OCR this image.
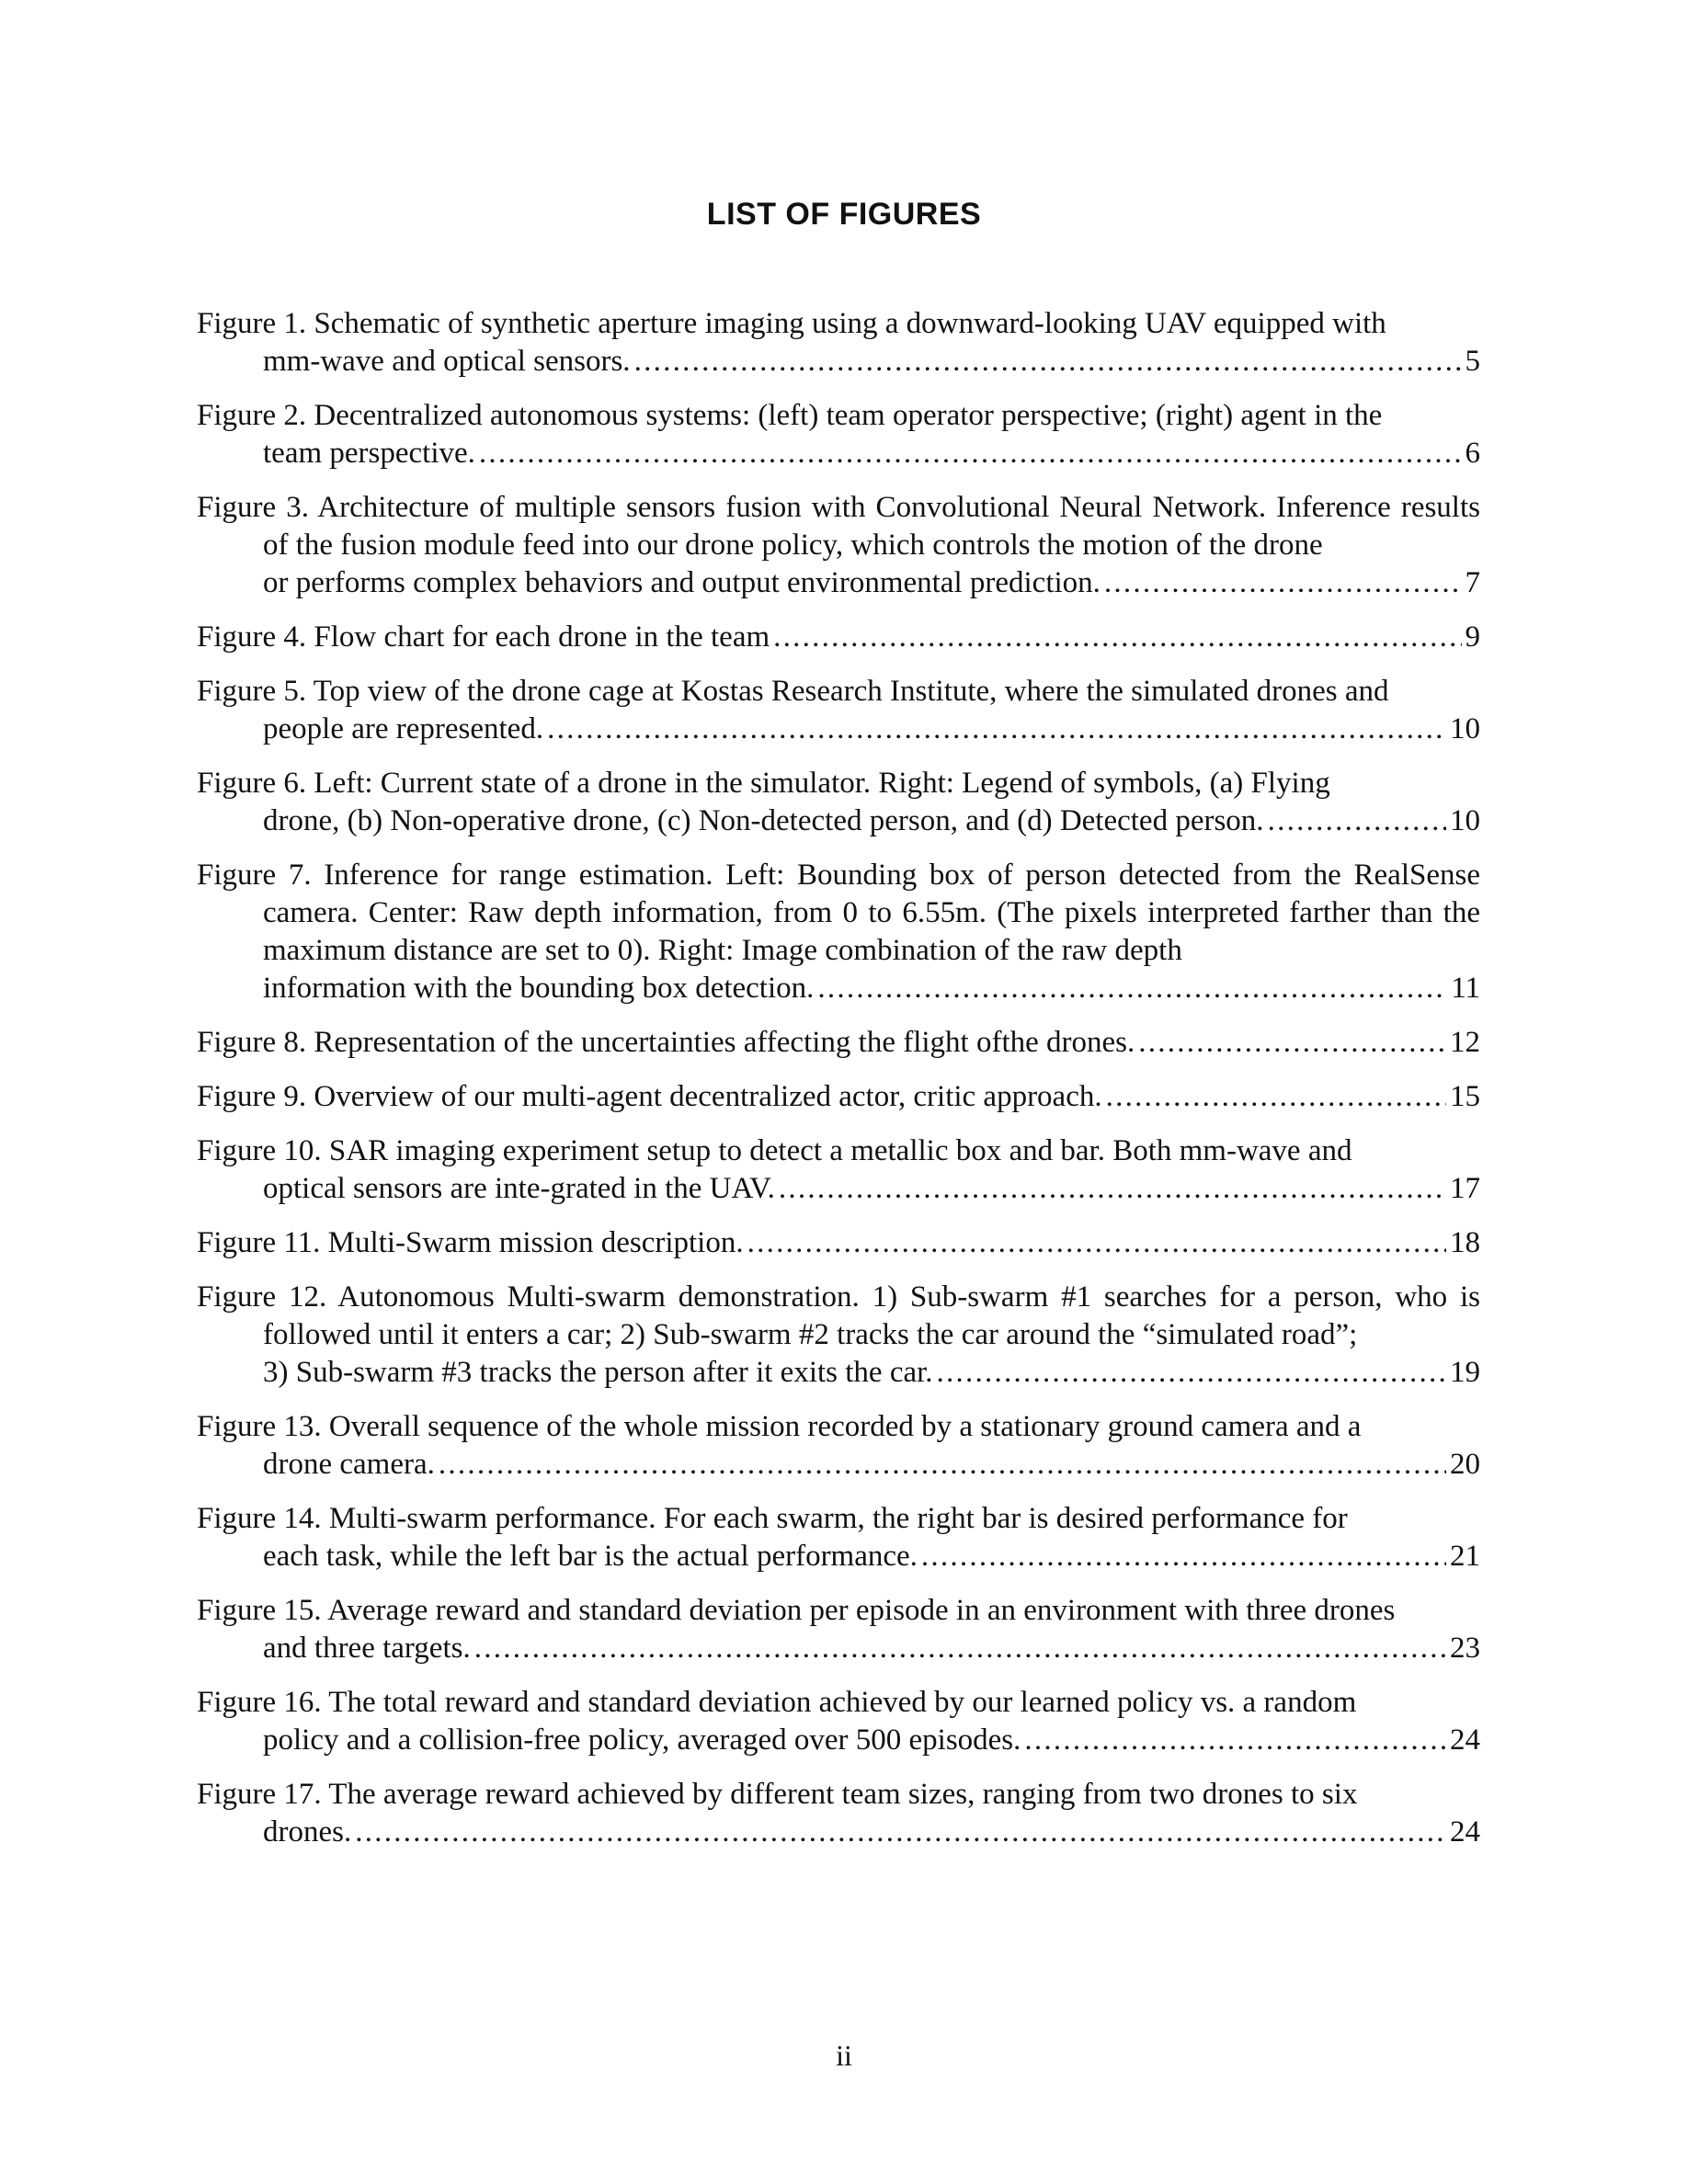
LIST OF FIGURES
Figure 1. Schematic of synthetic aperture imaging using a downward-looking UAV equipped with
mm-wave and optical sensors. . . .	5
Figure 2. Decentralized autonomous systems: (left) team operator perspective; (right) agent in the
team perspective. . . .	6
Figure 3. Architecture of multiple sensors fusion with Convolutional Neural Network. Inference results of the fusion module feed into our drone policy, which controls the motion of the drone
or performs complex behaviors and output environmental prediction. . . .	7
Figure 4. Flow chart for each drone in the team . . .	9
Figure 5. Top view of the drone cage at Kostas Research Institute, where the simulated drones and
people are represented. . . .	10
Figure 6. Left: Current state of a drone in the simulator. Right: Legend of symbols, (a) Flying
drone, (b) Non-operative drone, (c) Non-detected person, and (d) Detected person. . . .	10
Figure 7. Inference for range estimation. Left: Bounding box of person detected from the RealSense camera. Center: Raw depth information, from 0 to 6.55m. (The pixels interpreted farther than the maximum distance are set to 0). Right: Image combination of the raw depth
information with the bounding box detection. . . .	11
Figure 8. Representation of the uncertainties affecting the flight ofthe drones. . . .	12
Figure 9. Overview of our multi-agent decentralized actor, critic approach. . . .	15
Figure 10. SAR imaging experiment setup to detect a metallic box and bar. Both mm-wave and
optical sensors are inte-grated in the UAV. . . .	17
Figure 11. Multi-Swarm mission description. . . .	18
Figure 12. Autonomous Multi-swarm demonstration. 1) Sub-swarm #1 searches for a person, who is followed until it enters a car; 2) Sub-swarm #2 tracks the car around the “simulated road”;
3) Sub-swarm #3 tracks the person after it exits the car. . . .	19
Figure 13. Overall sequence of the whole mission recorded by a stationary ground camera and a
drone camera. . . .	20
Figure 14. Multi-swarm performance. For each swarm, the right bar is desired performance for
each task, while the left bar is the actual performance. . . .	21
Figure 15. Average reward and standard deviation per episode in an environment with three drones
and three targets. . . .	23
Figure 16. The total reward and standard deviation achieved by our learned policy vs. a random
policy and a collision-free policy, averaged over 500 episodes. . . .	24
Figure 17. The average reward achieved by different team sizes, ranging from two drones to six
drones. . . .	24
ii
